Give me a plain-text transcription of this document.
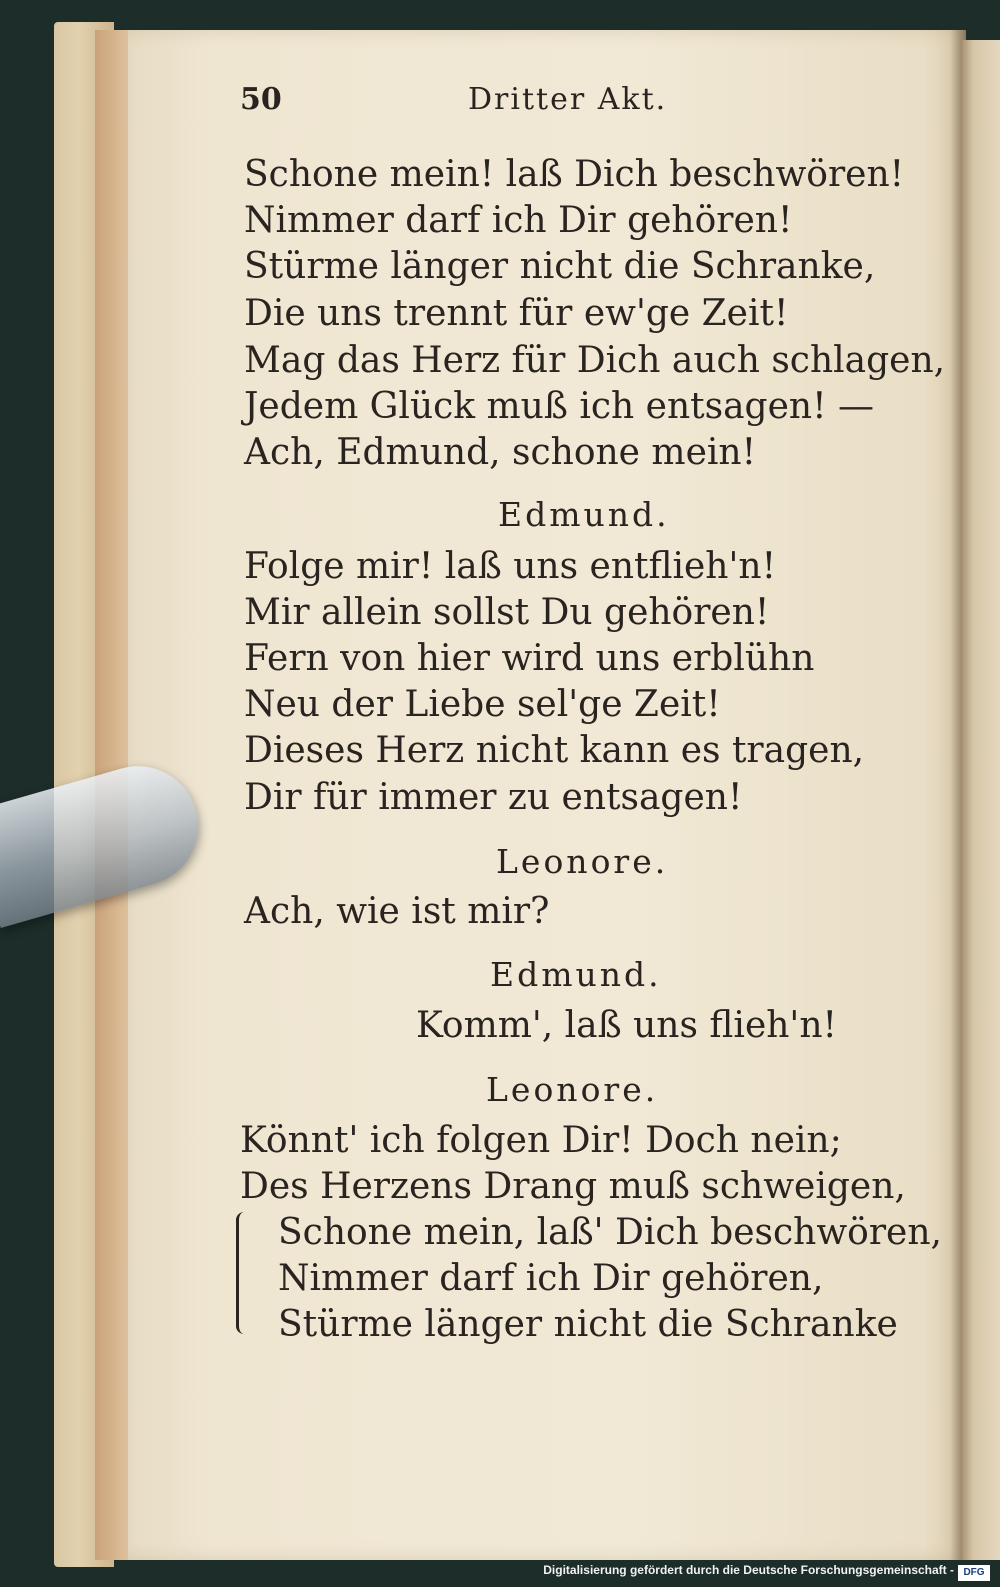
50	Dritter Akt.
Schone mein! laß Dich beschwören!
Nimmer darf ich Dir gehören!
Stürme länger nicht die Schranke,
Die uns trennt für ew'ge Zeit!
Mag das Herz für Dich auch schlagen,
Jedem Glück muß ich entsagen! —
Ach, Edmund, schone mein!
Edmund.
Folge mir! laß uns entflieh'n!
Mir allein sollst Du gehören!
Fern von hier wird uns erblühn
Neu der Liebe sel'ge Zeit!
Dieses Herz nicht kann es tragen,
Dir für immer zu entsagen!
Leonore.
Ach, wie ist mir?
Edmund.
Komm', laß uns flieh'n!
Leonore.
Könnt' ich folgen Dir! Doch nein;
Des Herzens Drang muß schweigen,
Schone mein, laß' Dich beschwören,
Nimmer darf ich Dir gehören,
Stürme länger nicht die Schranke
Digitalisierung gefördert durch die Deutsche Forschungsgemeinschaft - DFG
